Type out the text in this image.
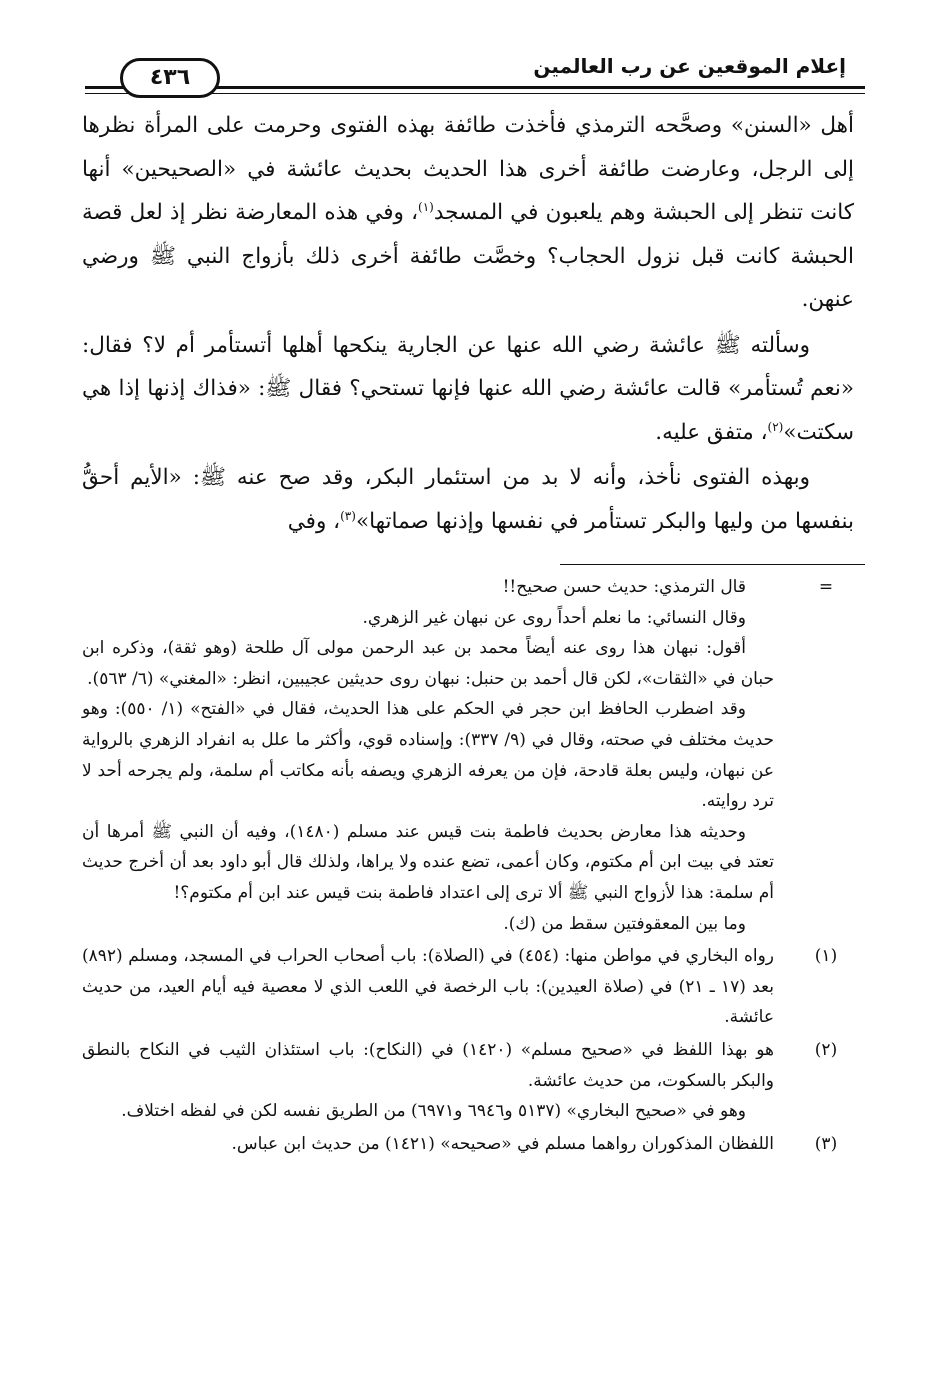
إعلام الموقعين عن رب العالمين
٤٣٦

أهل «السنن» وصحَّحه الترمذي فأخذت طائفة بهذه الفتوى وحرمت على المرأة نظرها إلى الرجل، وعارضت طائفة أخرى هذا الحديث بحديث عائشة في «الصحيحين» أنها كانت تنظر إلى الحبشة وهم يلعبون في المسجد$^{(١)}$، وفي هذه المعارضة نظر إذ لعل قصة الحبشة كانت قبل نزول الحجاب؟ وخصَّت طائفة أخرى ذلك بأزواج النبي ﷺ ورضي عنهن.

وسألته ﷺ عائشة رضي الله عنها عن الجارية ينكحها أهلها أتستأمر أم لا؟ فقال: «نعم تُستأمر» قالت عائشة رضي الله عنها فإنها تستحي؟ فقال ﷺ: «فذاك إذنها إذا هي سكتت»$^{(٢)}$، متفق عليه.

وبهذه الفتوى نأخذ، وأنه لا بد من استئمار البكر، وقد صح عنه ﷺ: «الأيم أحقُّ بنفسها من وليها والبكر تستأمر في نفسها وإذنها صماتها»$^{(٣)}$، وفي

=

قال الترمذي: حديث حسن صحيح!!

وقال النسائي: ما نعلم أحداً روى عن نبهان غير الزهري.

أقول: نبهان هذا روى عنه أيضاً محمد بن عبد الرحمن مولى آل طلحة (وهو ثقة)، وذكره ابن حبان في «الثقات»، لكن قال أحمد بن حنبل: نبهان روى حديثين عجيبين، انظر: «المغني» (٦/ ٥٦٣).

وقد اضطرب الحافظ ابن حجر في الحكم على هذا الحديث، فقال في «الفتح» (١/ ٥٥٠): وهو حديث مختلف في صحته، وقال في (٩/ ٣٣٧): وإسناده قوي، وأكثر ما علل به انفراد الزهري بالرواية عن نبهان، وليس بعلة قادحة، فإن من يعرفه الزهري ويصفه بأنه مكاتب أم سلمة، ولم يجرحه أحد لا ترد روايته.

وحديثه هذا معارض بحديث فاطمة بنت قيس عند مسلم (١٤٨٠)، وفيه أن النبي ﷺ أمرها أن تعتد في بيت ابن أم مكتوم، وكان أعمى، تضع عنده ولا يراها، ولذلك قال أبو داود بعد أن أخرج حديث أم سلمة: هذا لأزواج النبي ﷺ ألا ترى إلى اعتداد فاطمة بنت قيس عند ابن أم مكتوم؟!

وما بين المعقوفتين سقط من (ك).

(١)

رواه البخاري في مواطن منها: (٤٥٤) في (الصلاة): باب أصحاب الحراب في المسجد، ومسلم (٨٩٢) بعد (١٧ ـ ٢١) في (صلاة العيدين): باب الرخصة في اللعب الذي لا معصية فيه أيام العيد، من حديث عائشة.

(٢)

هو بهذا اللفظ في «صحيح مسلم» (١٤٢٠) في (النكاح): باب استئذان الثيب في النكاح بالنطق والبكر بالسكوت، من حديث عائشة.

وهو في «صحيح البخاري» (٥١٣٧ و٦٩٤٦ و٦٩٧١) من الطريق نفسه لكن في لفظه اختلاف.

(٣)

اللفظان المذكوران رواهما مسلم في «صحيحه» (١٤٢١) من حديث ابن عباس.
